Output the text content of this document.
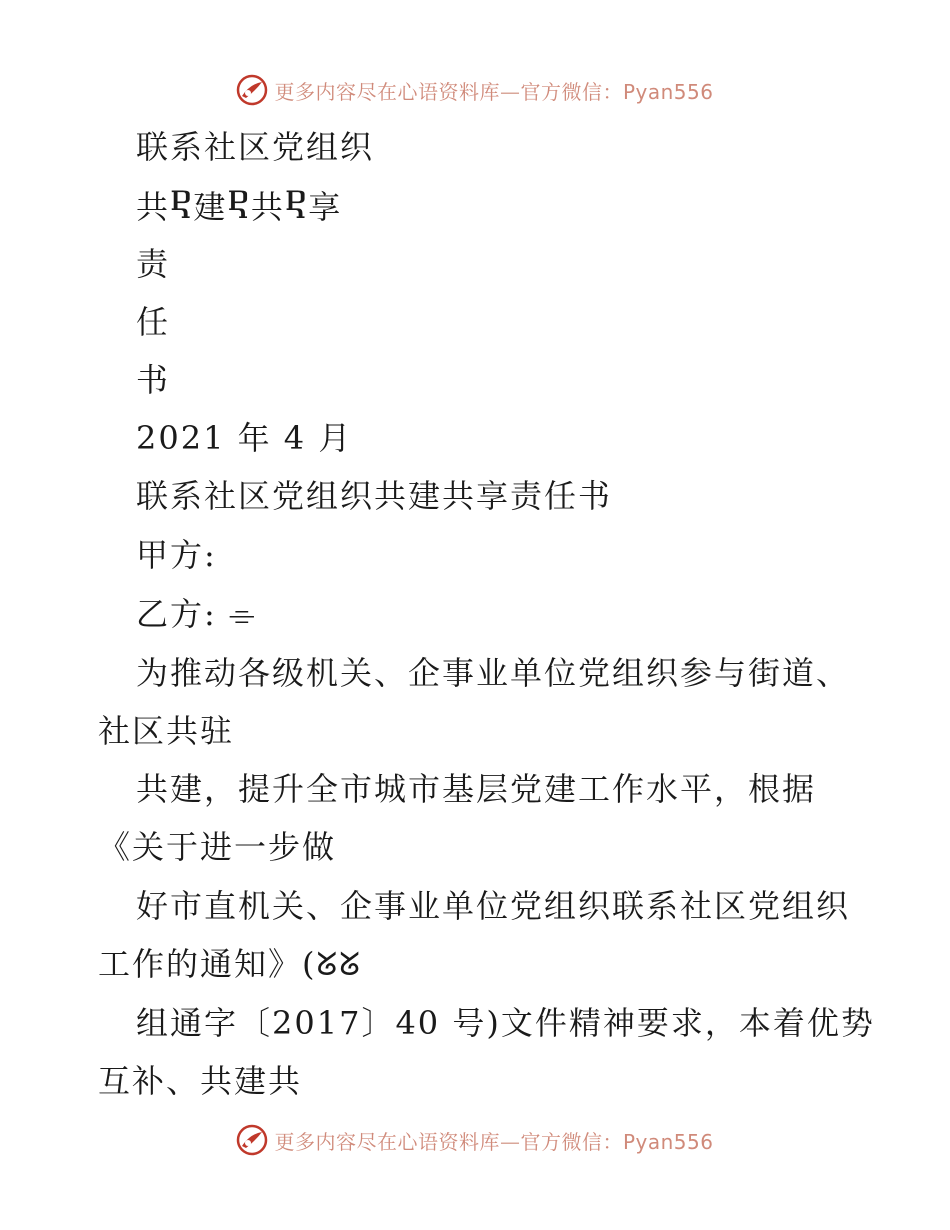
更多内容尽在心语资料库—官方微信：Pyan556
联系社区党组织
共Ⴒ建Ⴒ共Ⴒ享
责
任
书
2021 年 4 月
联系社区党组织共建共享责任书
甲方:
乙方: ⌯
为推动各级机关、企事业单位党组织参与街道、
社区共驻
共建，提升全市城市基层党建工作水平，根据
《关于进一步做
好市直机关、企事业单位党组织联系社区党组织
工作的通知》(ᘜᘜ
组通字〔2017〕40 号)文件精神要求，本着优势
互补、共建共
更多内容尽在心语资料库—官方微信：Pyan556
